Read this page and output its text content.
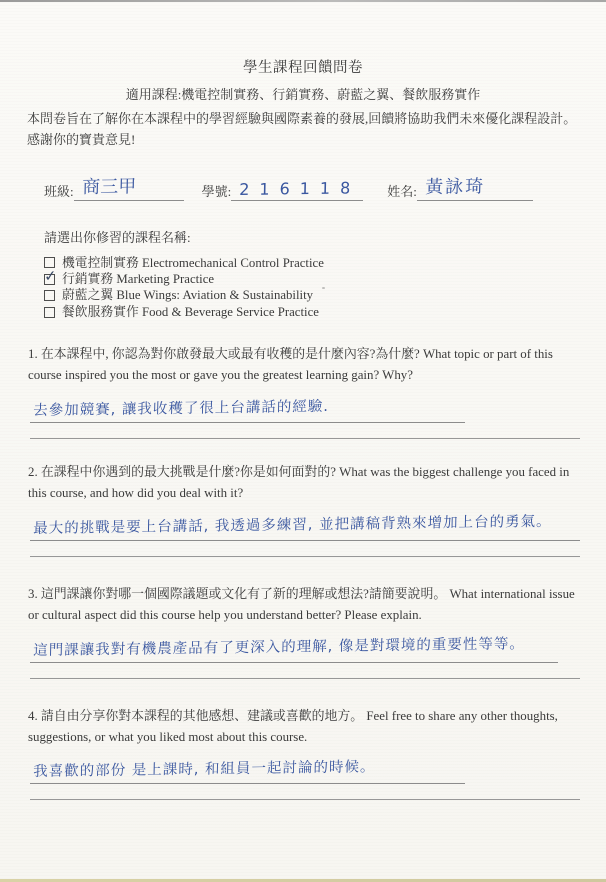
學生課程回饋問卷
適用課程:機電控制實務、行銷實務、蔚藍之翼、餐飲服務實作
本問卷旨在了解你在本課程中的學習經驗與國際素養的發展,回饋將協助我們未來優化課程設計。
感謝你的寶貴意見!
班級: 商三甲	學號: 216118 姓名: 黃詠琦
請選出你修習的課程名稱:
機電控制實務 Electromechanical Control Practice
✓ 行銷實務 Marketing Practice
蔚藍之翼 Blue Wings: Aviation & Sustainability
餐飲服務實作 Food & Beverage Service Practice

1. 在本課程中, 你認為對你啟發最大或最有收穫的是什麼內容?為什麼? What topic or part of this course inspired you the most or gave you the greatest learning gain? Why?

去參加競賽, 讓我收穫了很上台講話的經驗.

2. 在課程中你遇到的最大挑戰是什麼?你是如何面對的? What was the biggest challenge you faced in this course, and how did you deal with it?

最大的挑戰是要上台講話, 我透過多練習, 並把講稿背熟來增加上台的勇氣。

3. 這門課讓你對哪一個國際議題或文化有了新的理解或想法?請簡要說明。 What international issue or cultural aspect did this course help you understand better? Please explain.

這門課讓我對有機農產品有了更深入的理解, 像是對環境的重要性等等。

4. 請自由分享你對本課程的其他感想、建議或喜歡的地方。 Feel free to share any other thoughts, suggestions, or what you liked most about this course.

我喜歡的部份 是上課時, 和組員一起討論的時候。
